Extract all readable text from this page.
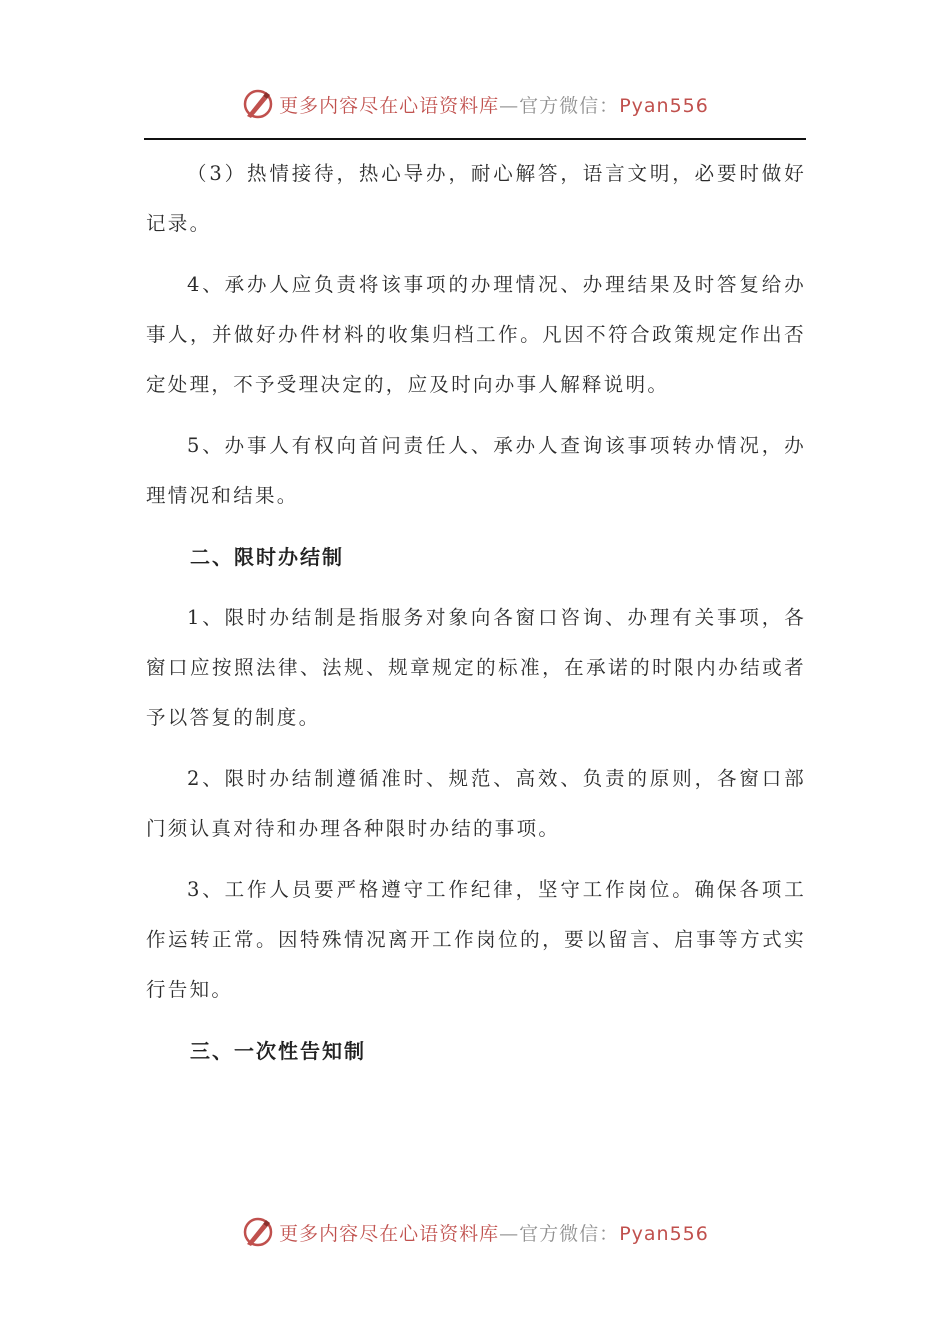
更多内容尽在心语资料库—官方微信：Pyan556

（3）热情接待，热心导办，耐心解答，语言文明，必要时做好记录。

4、承办人应负责将该事项的办理情况、办理结果及时答复给办事人，并做好办件材料的收集归档工作。凡因不符合政策规定作出否定处理，不予受理决定的，应及时向办事人解释说明。

5、办事人有权向首问责任人、承办人查询该事项转办情况，办理情况和结果。

二、限时办结制

1、限时办结制是指服务对象向各窗口咨询、办理有关事项，各窗口应按照法律、法规、规章规定的标准，在承诺的时限内办结或者予以答复的制度。

2、限时办结制遵循准时、规范、高效、负责的原则，各窗口部门须认真对待和办理各种限时办结的事项。

3、工作人员要严格遵守工作纪律，坚守工作岗位。确保各项工作运转正常。因特殊情况离开工作岗位的，要以留言、启事等方式实行告知。

三、一次性告知制

更多内容尽在心语资料库—官方微信：Pyan556
